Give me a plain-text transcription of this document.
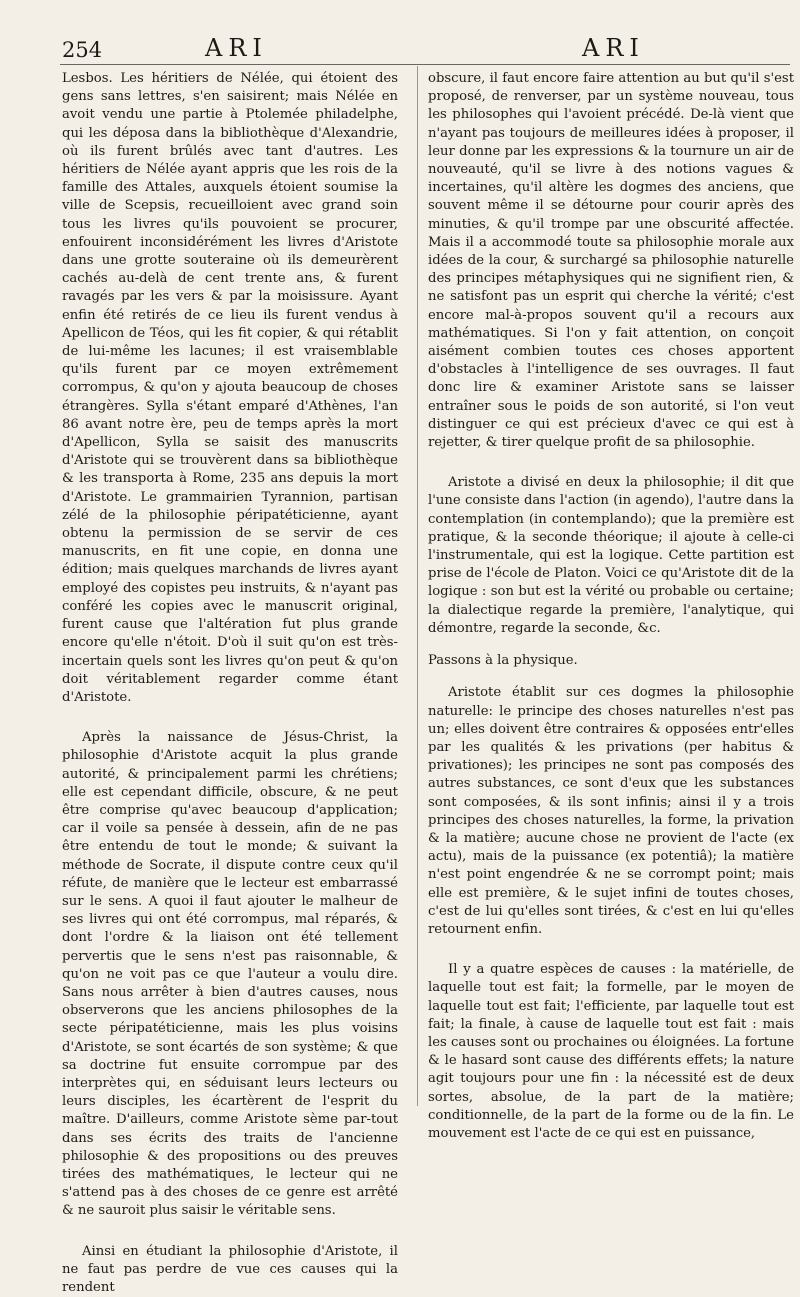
254	ARI	ARI

Lesbos. Les héritiers de Nélée, qui étoient des gens sans lettres, s'en saisirent; mais Nélée en avoit vendu une partie à Ptolemée philadelphe, qui les déposa dans la bibliothèque d'Alexandrie, où ils furent brûlés avec tant d'autres. Les héritiers de Nélée ayant appris que les rois de la famille des Attales, auxquels étoient soumise la ville de Scepsis, recueilloient avec grand soin tous les livres qu'ils pouvoient se procurer, enfouirent inconsidérément les livres d'Aristote dans une grotte souteraine où ils demeurèrent cachés au-delà de cent trente ans, & furent ravagés par les vers & par la moisissure. Ayant enfin été retirés de ce lieu ils furent vendus à Apellicon de Téos, qui les fit copier, & qui rétablit de lui-même les lacunes; il est vraisemblable qu'ils furent par ce moyen extrêmement corrompus, & qu'on y ajouta beaucoup de choses étrangères. Sylla s'étant emparé d'Athènes, l'an 86 avant notre ère, peu de temps après la mort d'Apellicon, Sylla se saisit des manuscrits d'Aristote qui se trouvèrent dans sa bibliothèque & les transporta à Rome, 235 ans depuis la mort d'Aristote. Le grammairien Tyrannion, partisan zélé de la philosophie péripatéticienne, ayant obtenu la permission de se servir de ces manuscrits, en fit une copie, en donna une édition; mais quelques marchands de livres ayant employé des copistes peu instruits, & n'ayant pas conféré les copies avec le manuscrit original, furent cause que l'altération fut plus grande encore qu'elle n'étoit. D'où il suit qu'on est très-incertain quels sont les livres qu'on peut & qu'on doit véritablement regarder comme étant d'Aristote.

Après la naissance de Jésus-Christ, la philosophie d'Aristote acquit la plus grande autorité, & principalement parmi les chrétiens; elle est cependant difficile, obscure, & ne peut être comprise qu'avec beaucoup d'application; car il voile sa pensée à dessein, afin de ne pas être entendu de tout le monde; & suivant la méthode de Socrate, il dispute contre ceux qu'il réfute, de manière que le lecteur est embarrassé sur le sens. A quoi il faut ajouter le malheur de ses livres qui ont été corrompus, mal réparés, & dont l'ordre & la liaison ont été tellement pervertis que le sens n'est pas raisonnable, & qu'on ne voit pas ce que l'auteur a voulu dire. Sans nous arrêter à bien d'autres causes, nous observerons que les anciens philosophes de la secte péripatéticienne, mais les plus voisins d'Aristote, se sont écartés de son système; & que sa doctrine fut ensuite corrompue par des interprètes qui, en séduisant leurs lecteurs ou leurs disciples, les écartèrent de l'esprit du maître. D'ailleurs, comme Aristote sème par-tout dans ses écrits des traits de l'ancienne philosophie & des propositions ou des preuves tirées des mathématiques, le lecteur qui ne s'attend pas à des choses de ce genre est arrêté & ne sauroit plus saisir le véritable sens.

Ainsi en étudiant la philosophie d'Aristote, il ne faut pas perdre de vue ces causes qui la rendent

obscure, il faut encore faire attention au but qu'il s'est proposé, de renverser, par un système nouveau, tous les philosophes qui l'avoient précédé. De-là vient que n'ayant pas toujours de meilleures idées à proposer, il leur donne par les expressions & la tournure un air de nouveauté, qu'il se livre à des notions vagues & incertaines, qu'il altère les dogmes des anciens, que souvent même il se détourne pour courir après des minuties, & qu'il trompe par une obscurité affectée. Mais il a accommodé toute sa philosophie morale aux idées de la cour, & surchargé sa philosophie naturelle des principes métaphysiques qui ne signifient rien, & ne satisfont pas un esprit qui cherche la vérité; c'est encore mal-à-propos souvent qu'il a recours aux mathématiques. Si l'on y fait attention, on conçoit aisément combien toutes ces choses apportent d'obstacles à l'intelligence de ses ouvrages. Il faut donc lire & examiner Aristote sans se laisser entraîner sous le poids de son autorité, si l'on veut distinguer ce qui est précieux d'avec ce qui est à rejetter, & tirer quelque profit de sa philosophie.

Aristote a divisé en deux la philosophie; il dit que l'une consiste dans l'action (in agendo), l'autre dans la contemplation (in contemplando); que la première est pratique, & la seconde théorique; il ajoute à celle-ci l'instrumentale, qui est la logique. Cette partition est prise de l'école de Platon. Voici ce qu'Aristote dit de la logique : son but est la vérité ou probable ou certaine; la dialectique regarde la première, l'analytique, qui démontre, regarde la seconde, &c.

Passons à la physique.

Aristote établit sur ces dogmes la philosophie naturelle: le principe des choses naturelles n'est pas un; elles doivent être contraires & opposées entr'elles par les qualités & les privations (per habitus & privationes); les principes ne sont pas composés des autres substances, ce sont d'eux que les substances sont composées, & ils sont infinis; ainsi il y a trois principes des choses naturelles, la forme, la privation & la matière; aucune chose ne provient de l'acte (ex actu), mais de la puissance (ex potentiâ); la matière n'est point engendrée & ne se corrompt point; mais elle est première, & le sujet infini de toutes choses, c'est de lui qu'elles sont tirées, & c'est en lui qu'elles retournent enfin.

Il y a quatre espèces de causes : la matérielle, de laquelle tout est fait; la formelle, par le moyen de laquelle tout est fait; l'efficiente, par laquelle tout est fait; la finale, à cause de laquelle tout est fait : mais les causes sont ou prochaines ou éloignées. La fortune & le hasard sont cause des différents effets; la nature agit toujours pour une fin : la nécessité est de deux sortes, absolue, de la part de la matière; conditionnelle, de la part de la forme ou de la fin. Le mouvement est l'acte de ce qui est en puissance,
